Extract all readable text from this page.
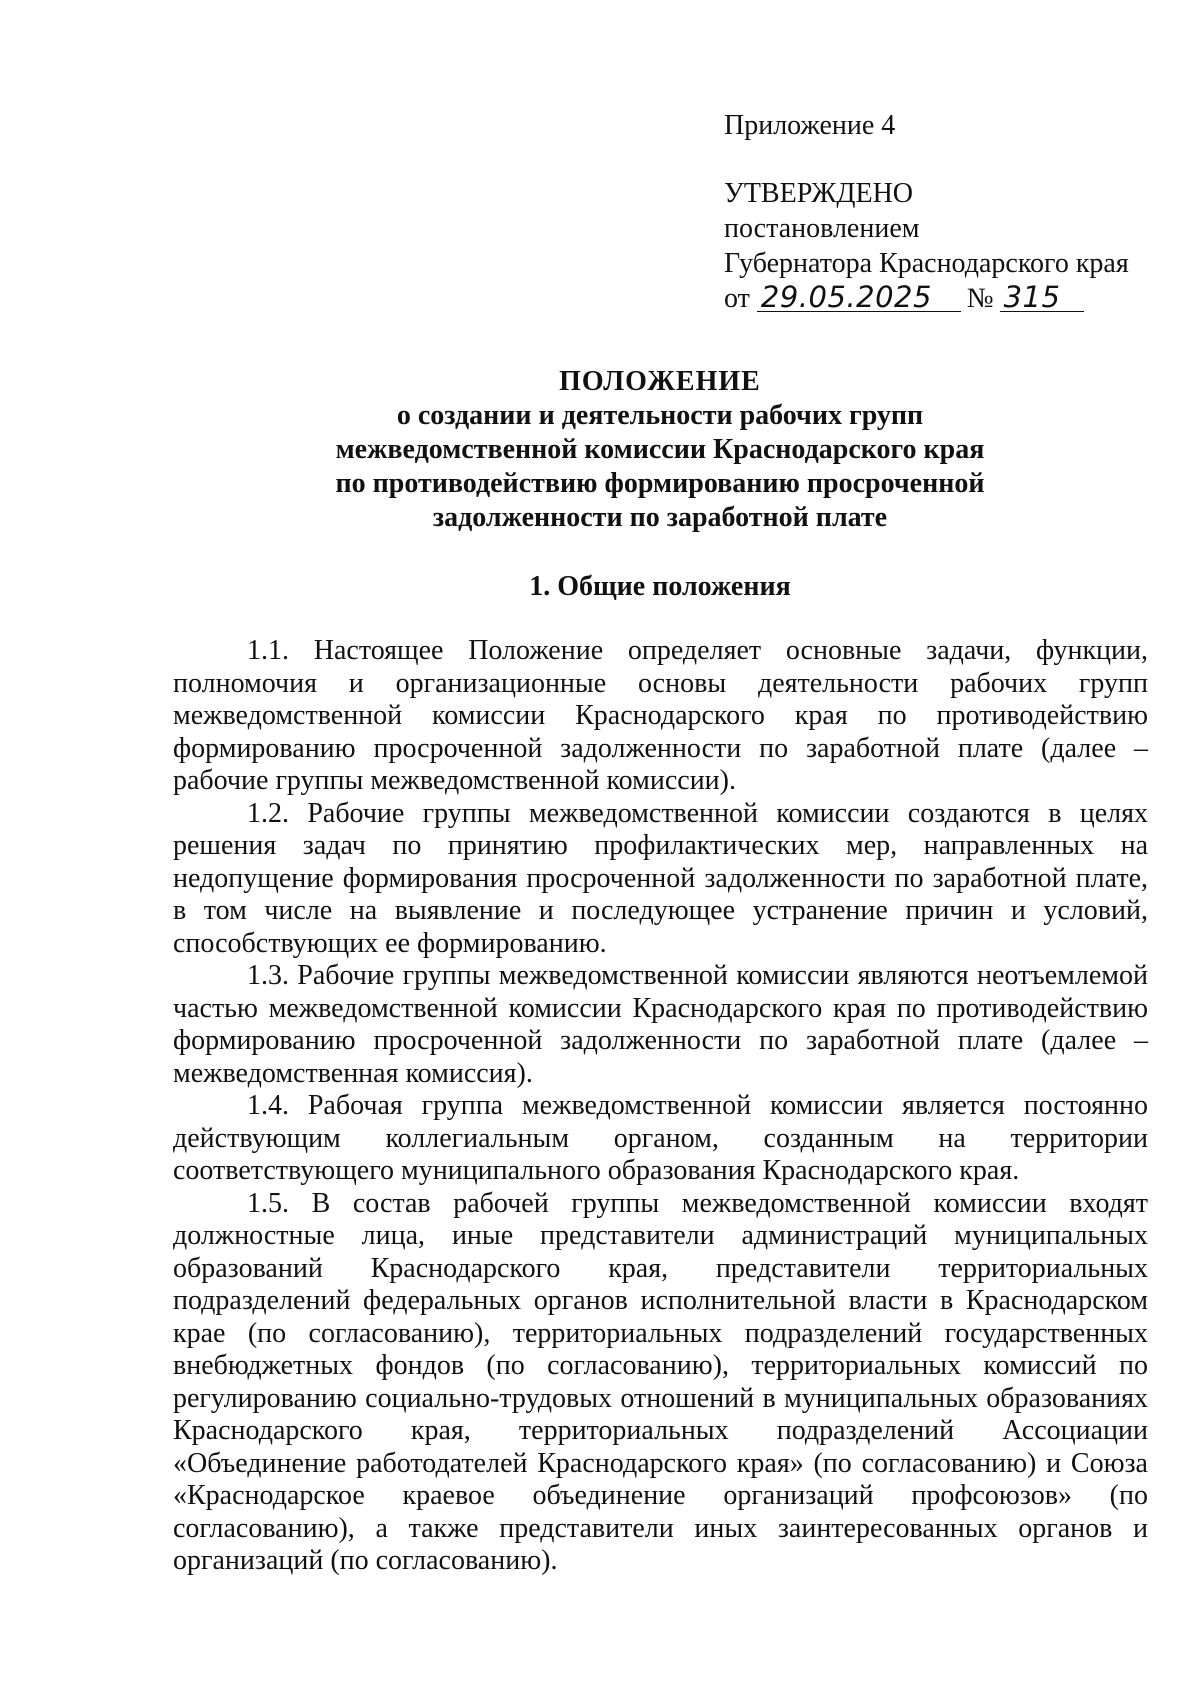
Приложение 4
УТВЕРЖДЕНО
постановлением
Губернатора Краснодарского края
от 29.05.2025 № 315
ПОЛОЖЕНИЕ
о создании и деятельности рабочих групп
межведомственной комиссии Краснодарского края
по противодействию формированию просроченной
задолженности по заработной плате
1. Общие положения

1.1. Настоящее Положение определяет основные задачи, функции, полномочия и организационные основы деятельности рабочих групп межведомственной комиссии Краснодарского края по противодействию формированию просроченной задолженности по заработной плате (далее – рабочие группы межведомственной комиссии).

1.2. Рабочие группы межведомственной комиссии создаются в целях решения задач по принятию профилактических мер, направленных на недопущение формирования просроченной задолженности по заработной плате, в том числе на выявление и последующее устранение причин и условий, способствующих ее формированию.

1.3. Рабочие группы межведомственной комиссии являются неотъемлемой частью межведомственной комиссии Краснодарского края по противодействию формированию просроченной задолженности по заработной плате (далее – межведомственная комиссия).

1.4. Рабочая группа межведомственной комиссии является постоянно действующим коллегиальным органом, созданным на территории соответствующего муниципального образования Краснодарского края.

1.5. В состав рабочей группы межведомственной комиссии входят должностные лица, иные представители администраций муниципальных образований Краснодарского края, представители территориальных подразделений федеральных органов исполнительной власти в Краснодарском крае (по согласованию), территориальных подразделений государственных внебюджетных фондов (по согласованию), территориальных комиссий по регулированию социально-трудовых отношений в муниципальных образованиях Краснодарского края, территориальных подразделений Ассоциации «Объединение работодателей Краснодарского края» (по согласованию) и Союза «Краснодарское краевое объединение организаций профсоюзов» (по согласованию), а также представители иных заинтересованных органов и организаций (по согласованию).
